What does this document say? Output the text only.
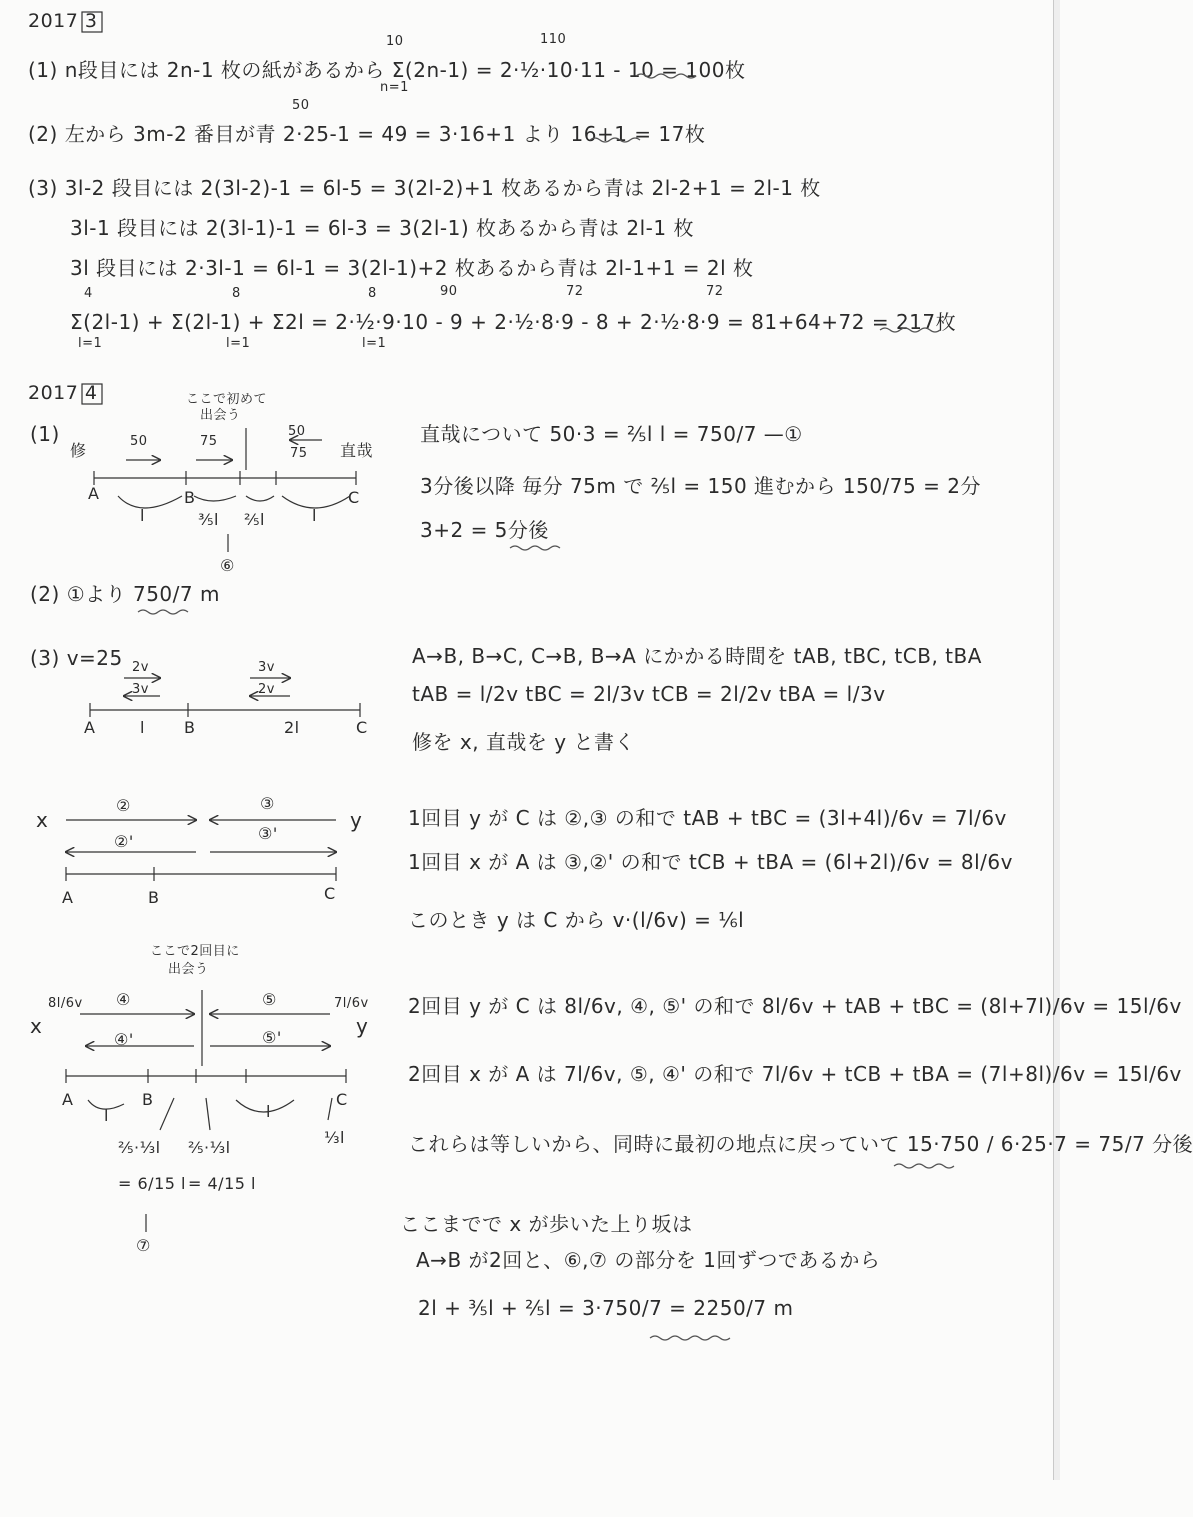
2017 3
(1) n段目には 2n-1 枚の紙があるから Σ(2n-1) = 2·½·10·11 - 10 = 100枚
10
n=1
110
(2) 左から 3m-2 番目が青 2·25-1 = 49 = 3·16+1 より 16+1 = 17枚
50
(3) 3l-2 段目には 2(3l-2)-1 = 6l-5 = 3(2l-2)+1 枚あるから青は 2l-2+1 = 2l-1 枚
3l-1 段目には 2(3l-1)-1 = 6l-3 = 3(2l-1) 枚あるから青は 2l-1 枚
3l 段目には 2·3l-1 = 6l-1 = 3(2l-1)+2 枚あるから青は 2l-1+1 = 2l 枚
Σ(2l-1) + Σ(2l-1) + Σ2l = 2·½·9·10 - 9 + 2·½·8·9 - 8 + 2·½·8·9 = 81+64+72 = 217枚
4
l=1
8
l=1
8
l=1
90	72	72
2017 4
(1)
ここで初めて
出会う
修	直哉
50	75
50
75
A	B	C
l	⅗l ⅖l	l
⑥
直哉について 50·3 = ⅖l l = 750/7 —①
3分後以降 毎分 75m で ⅖l = 150 進むから 150/75 = 2分
3+2 = 5分後
(2) ①より 750/7 m
(3) v=25 2v
3v
3v
2v
A	B	C
l	2l
A→B, B→C, C→B, B→A にかかる時間を tAB, tBC, tCB, tBA
tAB = l/2v tBC = 2l/3v tCB = 2l/2v tBA = l/3v
修を x, 直哉を y と書く
x	y
②
②'
③
③'
A	B	C
1回目 y が C は ②,③ の和で tAB + tBC = (3l+4l)/6v = 7l/6v
1回目 x が A は ③,②' の和で tCB + tBA = (6l+2l)/6v = 8l/6v
このとき y は C から v·(l/6v) = ⅙l
ここで2回目に
出会う
x	y
8l/6v	7l/6v
④
④'
⑤
⑤'
A	B	C
l	l
⅓l
⅖·⅓l ⅖·⅓l
= 6/15 l = 4/15 l
⑦
2回目 y が C は 8l/6v, ④, ⑤' の和で 8l/6v + tAB + tBC = (8l+7l)/6v = 15l/6v
2回目 x が A は 7l/6v, ⑤, ④' の和で 7l/6v + tCB + tBA = (7l+8l)/6v = 15l/6v
これらは等しいから、同時に最初の地点に戻っていて 15·750 / 6·25·7 = 75/7 分後
ここまでで x が歩いた上り坂は
A→B が2回と、⑥,⑦ の部分を 1回ずつであるから
2l + ⅗l + ⅖l = 3·750/7 = 2250/7 m
